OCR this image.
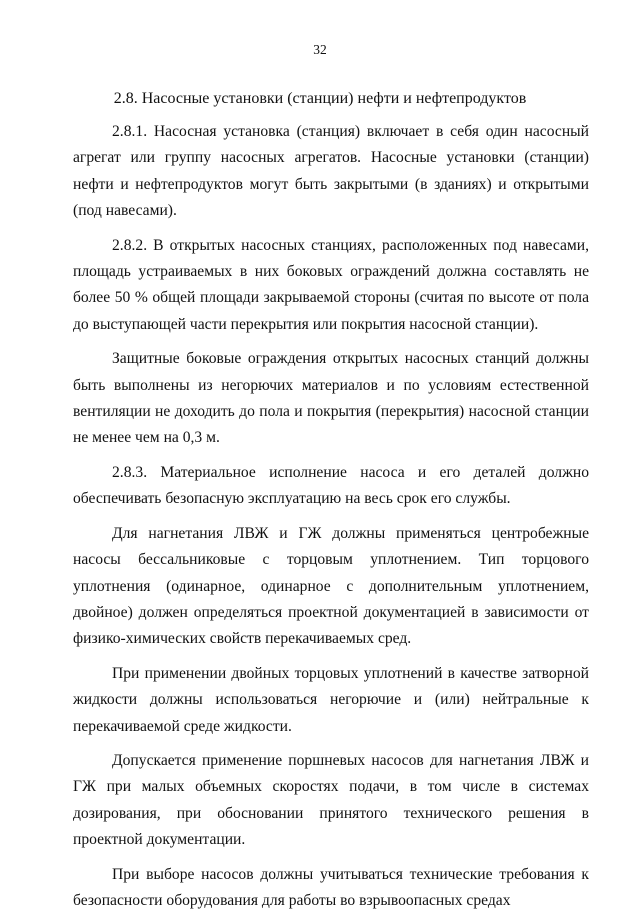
32
2.8. Насосные установки (станции) нефти и нефтепродуктов

2.8.1. Насосная установка (станция) включает в себя один насосный агрегат или группу насосных агрегатов. Насосные установки (станции) нефти и нефтепродуктов могут быть закрытыми (в зданиях) и открытыми (под навесами).

2.8.2. В открытых насосных станциях, расположенных под навесами, площадь устраиваемых в них боковых ограждений должна составлять не более 50 % общей площади закрываемой стороны (считая по высоте от пола до выступающей части перекрытия или покрытия насосной станции).

Защитные боковые ограждения открытых насосных станций должны быть выполнены из негорючих материалов и по условиям естественной вентиляции не доходить до пола и покрытия (перекрытия) насосной станции не менее чем на 0,3 м.

2.8.3. Материальное исполнение насоса и его деталей должно обеспечивать безопасную эксплуатацию на весь срок его службы.

Для нагнетания ЛВЖ и ГЖ должны применяться центробежные насосы бессальниковые с торцовым уплотнением. Тип торцового уплотнения (одинарное, одинарное с дополнительным уплотнением, двойное) должен определяться проектной документацией в зависимости от физико-химических свойств перекачиваемых сред.

При применении двойных торцовых уплотнений в качестве затворной жидкости должны использоваться негорючие и (или) нейтральные к перекачиваемой среде жидкости.

Допускается применение поршневых насосов для нагнетания ЛВЖ и ГЖ при малых объемных скоростях подачи, в том числе в системах дозирования, при обосновании принятого технического решения в проектной документации.

При выборе насосов должны учитываться технические требования к безопасности оборудования для работы во взрывоопасных средах
